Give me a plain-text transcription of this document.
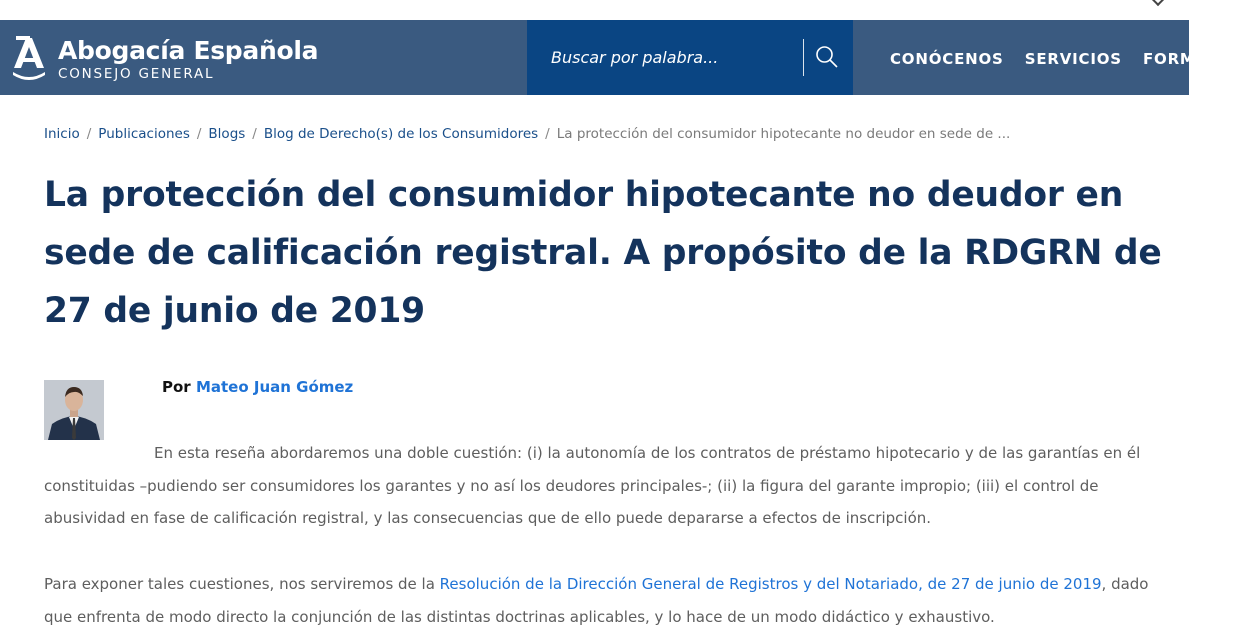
Abogacía Española
CONSEJO GENERAL
Buscar por palabra...
CONÓCENOS SERVICIOS FORMAC
Inicio / Publicaciones / Blogs / Blog de Derecho(s) de los Consumidores / La protección del consumidor hipotecante no deudor en sede de ...
La protección del consumidor hipotecante no deudor en sede de calificación registral. A propósito de la RDGRN de 27 de junio de 2019
Por Mateo Juan Gómez

En esta reseña abordaremos una doble cuestión: (i) la autonomía de los contratos de préstamo hipotecario y de las garantías en él constituidas –pudiendo ser consumidores los garantes y no así los deudores principales-; (ii) la figura del garante impropio; (iii) el control de abusividad en fase de calificación registral, y las consecuencias que de ello puede depararse a efectos de inscripción.

Para exponer tales cuestiones, nos serviremos de la Resolución de la Dirección General de Registros y del Notariado, de 27 de junio de 2019, dado que enfrenta de modo directo la conjunción de las distintas doctrinas aplicables, y lo hace de un modo didáctico y exhaustivo.
